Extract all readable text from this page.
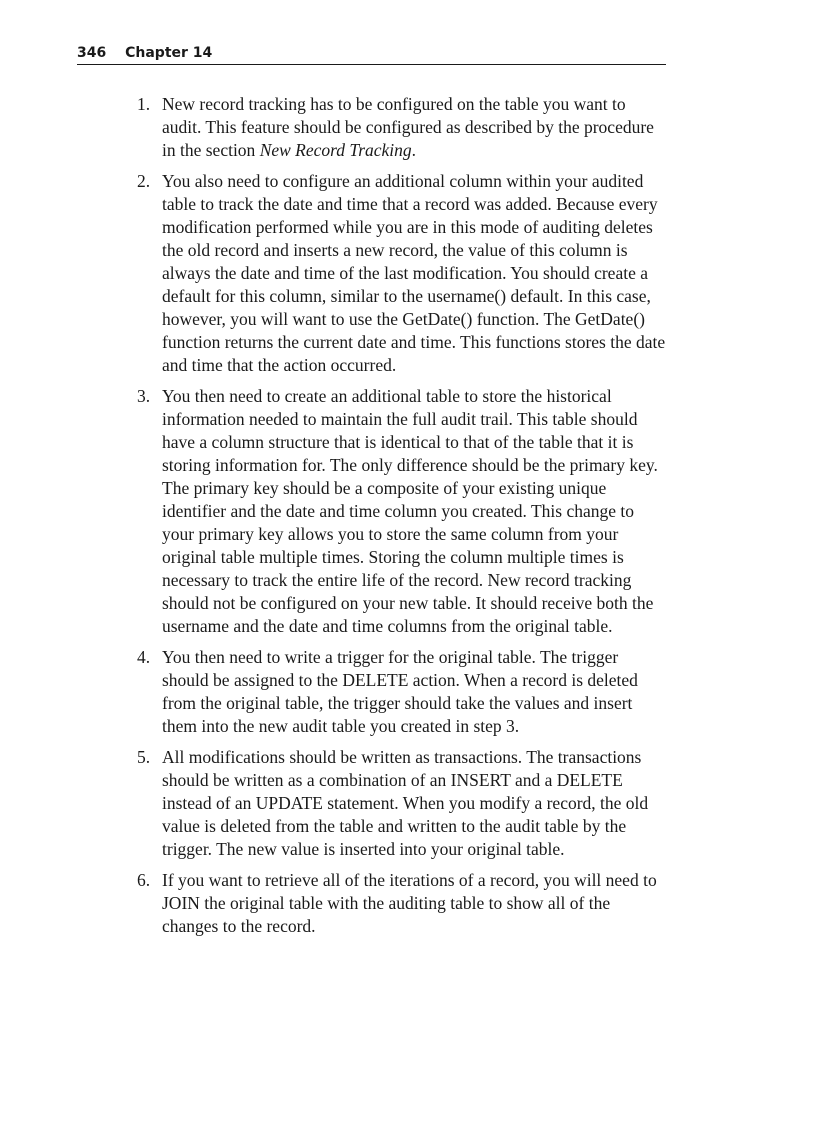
346 Chapter 14
1. New record tracking has to be configured on the table you want to audit. This feature should be configured as described by the procedure in the section New Record Tracking.
2. You also need to configure an additional column within your audited table to track the date and time that a record was added. Because every modification performed while you are in this mode of auditing deletes the old record and inserts a new record, the value of this column is always the date and time of the last modification. You should create a default for this column, similar to the username() default. In this case, however, you will want to use the GetDate() function. The GetDate() function returns the current date and time. This functions stores the date and time that the action occurred.
3. You then need to create an additional table to store the historical information needed to maintain the full audit trail. This table should have a column structure that is identical to that of the table that it is storing information for. The only difference should be the primary key. The primary key should be a composite of your existing unique identifier and the date and time column you created. This change to your primary key allows you to store the same column from your original table multiple times. Storing the column multiple times is necessary to track the entire life of the record. New record tracking should not be configured on your new table. It should receive both the username and the date and time columns from the original table.
4. You then need to write a trigger for the original table. The trigger should be assigned to the DELETE action. When a record is deleted from the original table, the trigger should take the values and insert them into the new audit table you created in step 3.
5. All modifications should be written as transactions. The transactions should be written as a combination of an INSERT and a DELETE instead of an UPDATE statement. When you modify a record, the old value is deleted from the table and written to the audit table by the trigger. The new value is inserted into your original table.
6. If you want to retrieve all of the iterations of a record, you will need to JOIN the original table with the auditing table to show all of the changes to the record.
